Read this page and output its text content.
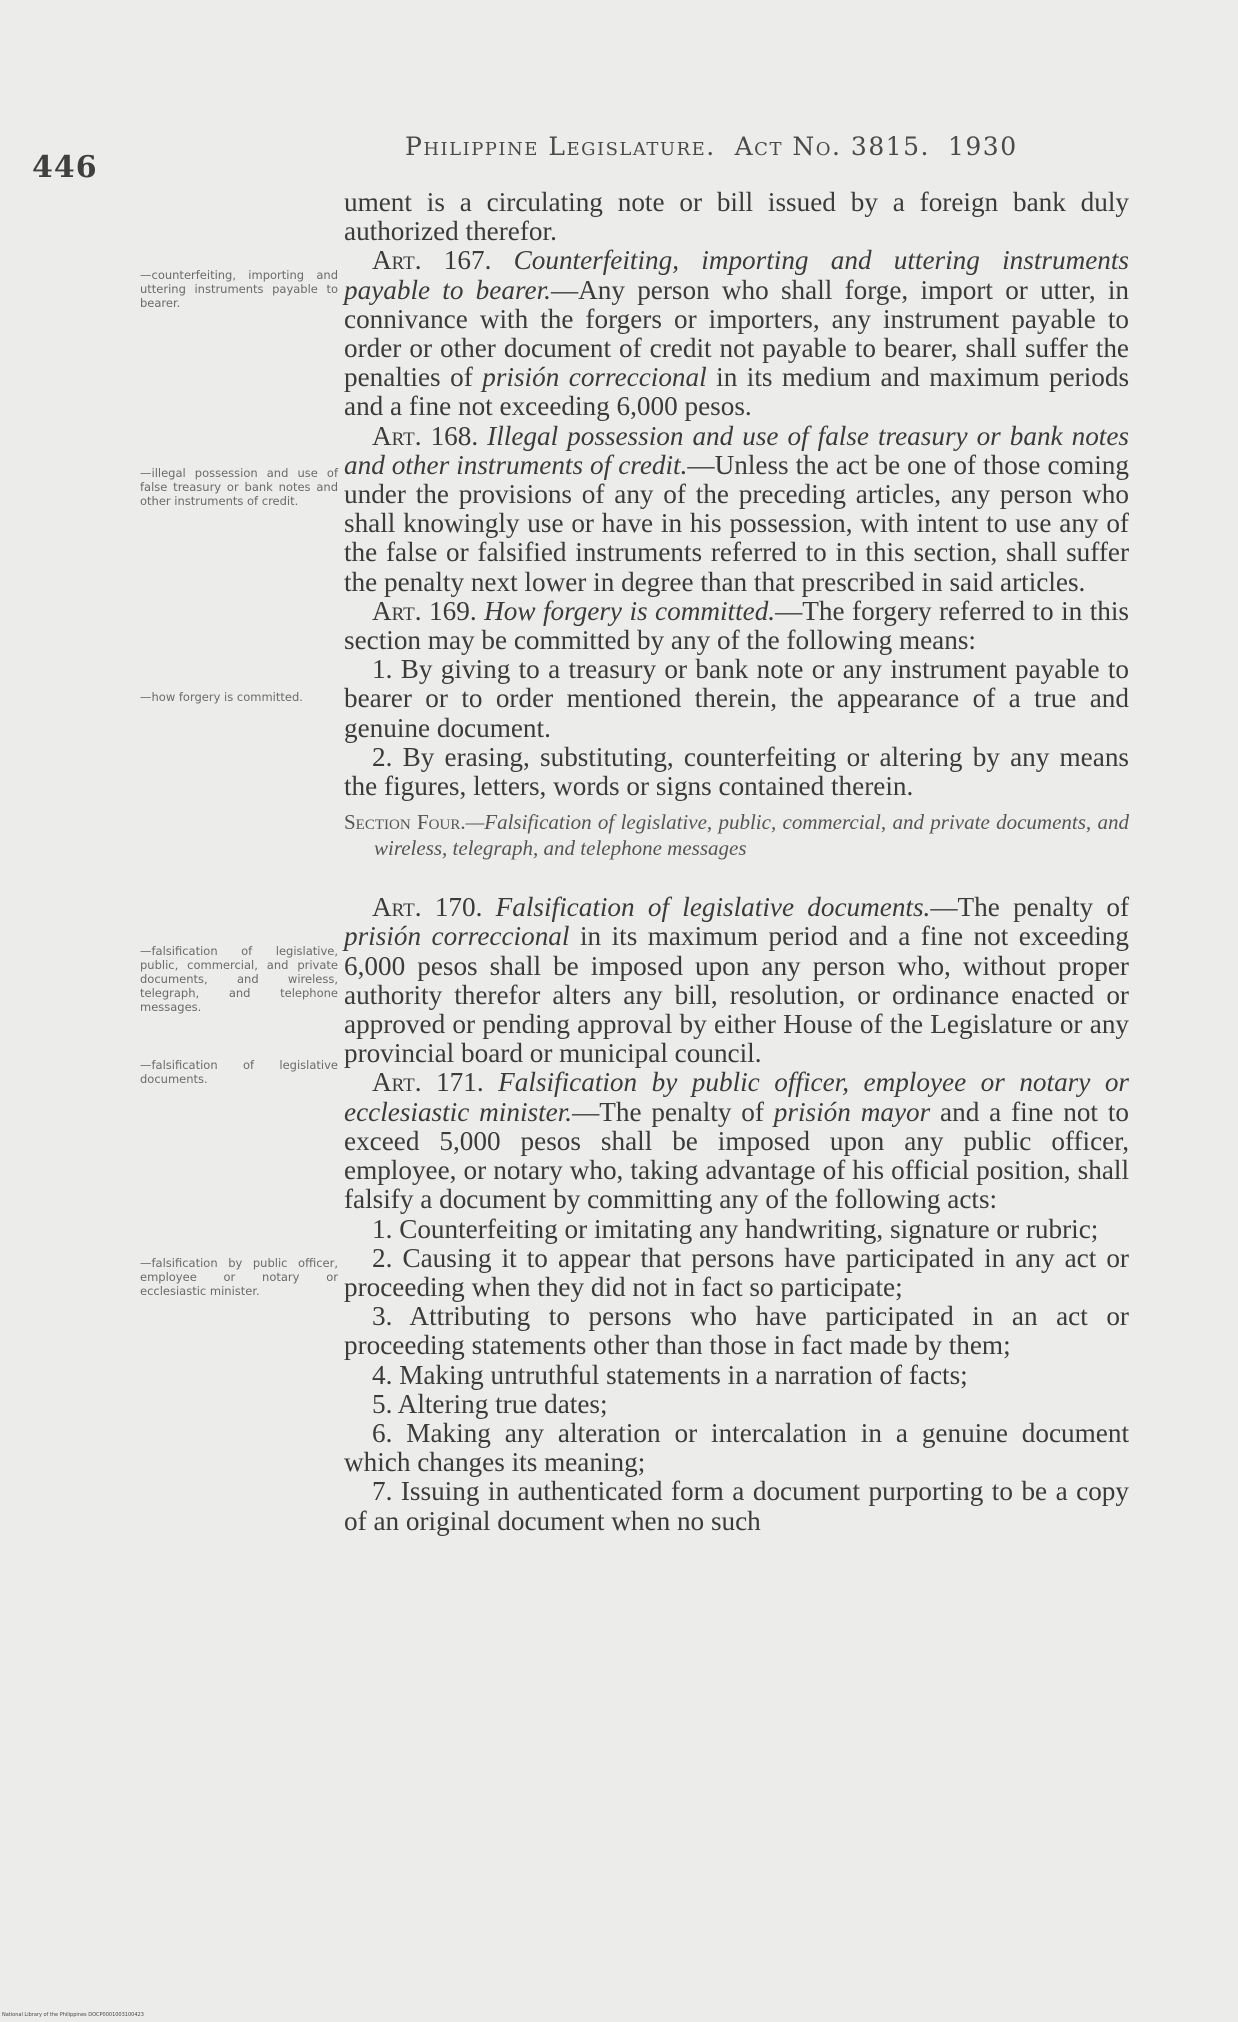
446
Philippine Legislature. Act No. 3815. 1930
—counterfeiting, importing and uttering instruments payable to bearer.
—illegal possession and use of false treasury or bank notes and other instruments of credit.
—how forgery is committed.
—falsification of legislative, public, commercial, and private documents, and wireless, telegraph, and telephone messages.
—falsification of legislative documents.
—falsification by public officer, employee or notary or ecclesiastic minister.

ument is a circulating note or bill issued by a foreign bank duly authorized therefor.

Art. 167. Counterfeiting, importing and uttering instruments payable to bearer.—Any person who shall forge, import or utter, in connivance with the forgers or importers, any instrument payable to order or other document of credit not payable to bearer, shall suffer the penalties of prisión correccional in its medium and maximum periods and a fine not exceeding 6,000 pesos.

Art. 168. Illegal possession and use of false treasury or bank notes and other instruments of credit.—Unless the act be one of those coming under the provisions of any of the preceding articles, any person who shall knowingly use or have in his possession, with intent to use any of the false or falsified instruments referred to in this section, shall suffer the penalty next lower in degree than that prescribed in said articles.

Art. 169. How forgery is committed.—The forgery referred to in this section may be committed by any of the following means:

1. By giving to a treasury or bank note or any instrument payable to bearer or to order mentioned therein, the appearance of a true and genuine document.

2. By erasing, substituting, counterfeiting or altering by any means the figures, letters, words or signs contained therein.

Section Four.—Falsification of legislative, public, commercial, and private documents, and wireless, telegraph, and telephone messages

Art. 170. Falsification of legislative documents.—The penalty of prisión correccional in its maximum period and a fine not exceeding 6,000 pesos shall be imposed upon any person who, without proper authority therefor alters any bill, resolution, or ordinance enacted or approved or pending approval by either House of the Legislature or any provincial board or municipal council.

Art. 171. Falsification by public officer, employee or notary or ecclesiastic minister.—The penalty of prisión mayor and a fine not to exceed 5,000 pesos shall be imposed upon any public officer, employee, or notary who, taking advantage of his official position, shall falsify a document by committing any of the following acts:

1. Counterfeiting or imitating any handwriting, signature or rubric;

2. Causing it to appear that persons have participated in any act or proceeding when they did not in fact so participate;

3. Attributing to persons who have participated in an act or proceeding statements other than those in fact made by them;

4. Making untruthful statements in a narration of facts;

5. Altering true dates;

6. Making any alteration or intercalation in a genuine document which changes its meaning;

7. Issuing in authenticated form a document purporting to be a copy of an original document when no such

National Library of the Philippines DOCP0001003100423
